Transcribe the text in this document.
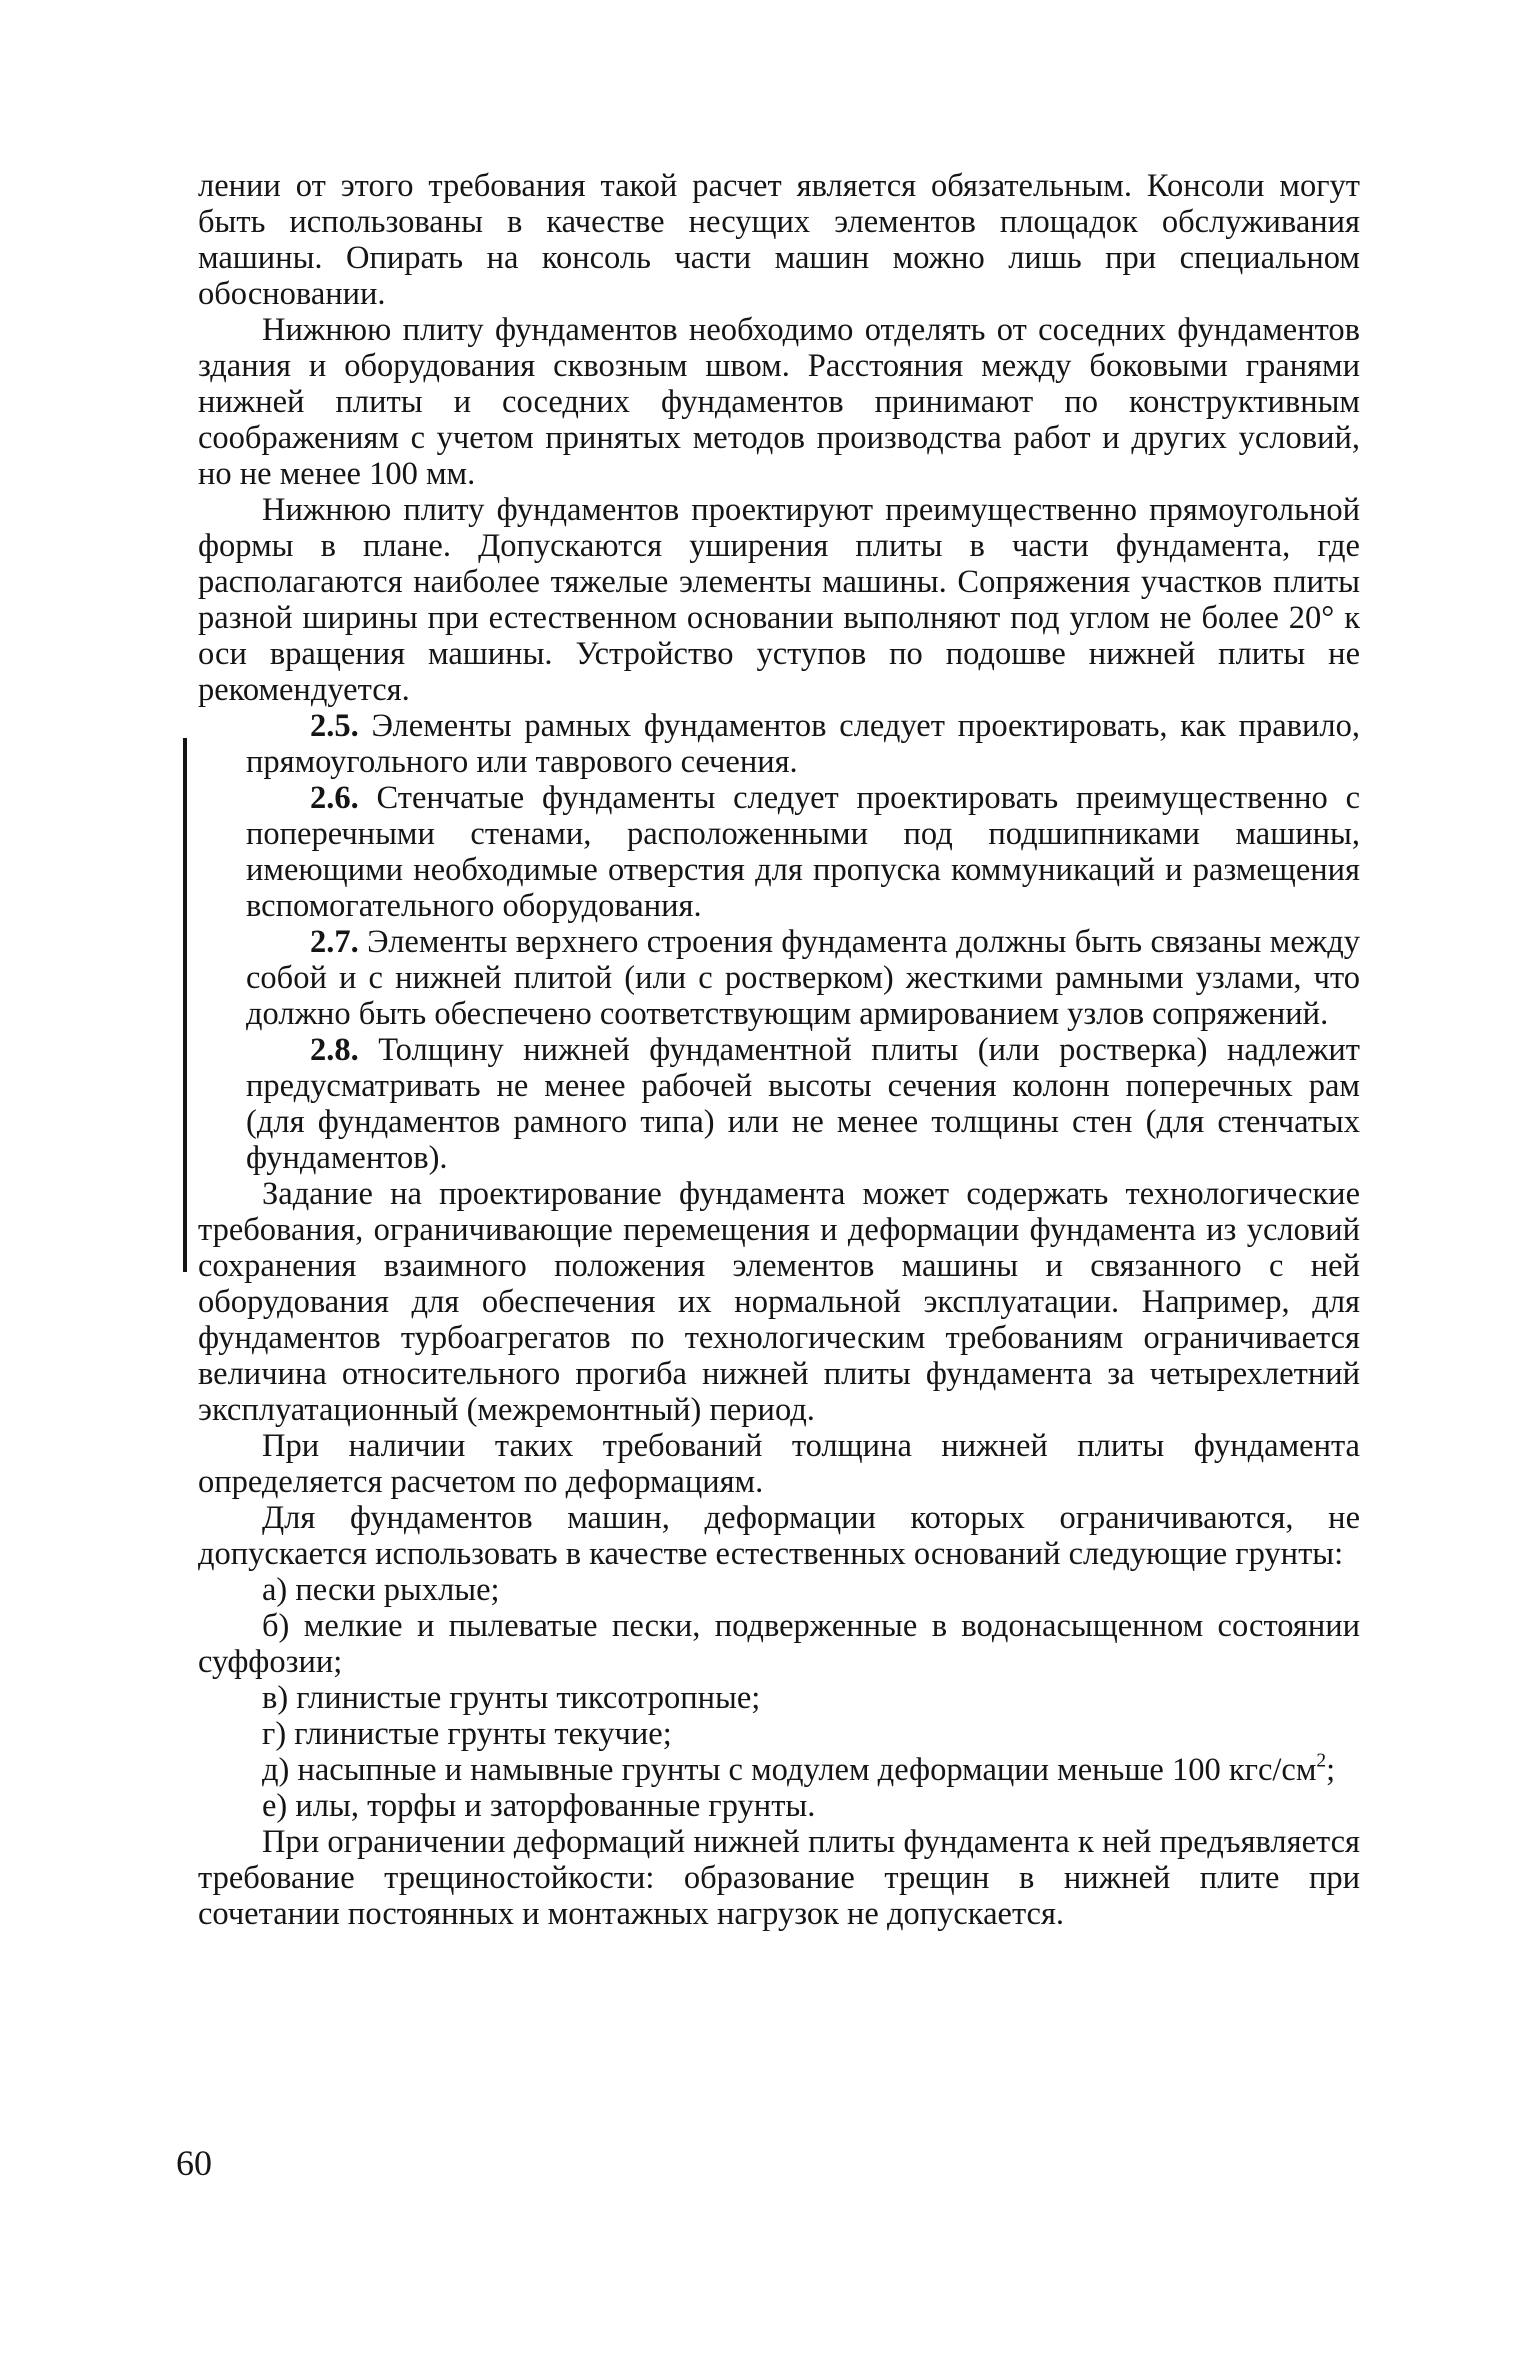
лении от этого требования такой расчет является обязательным. Консоли могут быть использованы в качестве несущих элементов площадок обслуживания машины. Опирать на консоль части машин можно лишь при специальном обосновании.

Нижнюю плиту фундаментов необходимо отделять от соседних фундаментов здания и оборудования сквозным швом. Расстояния между боковыми гранями нижней плиты и соседних фундаментов принимают по конструктивным соображениям с учетом принятых методов производства работ и других условий, но не менее 100 мм.

Нижнюю плиту фундаментов проектируют преимущественно прямоугольной формы в плане. Допускаются уширения плиты в части фундамента, где располагаются наиболее тяжелые элементы машины. Сопряжения участков плиты разной ширины при естественном основании выполняют под углом не более 20° к оси вращения машины. Устройство уступов по подошве нижней плиты не рекомендуется.

2.5. Элементы рамных фундаментов следует проектировать, как правило, прямоугольного или таврового сечения.

2.6. Стенчатые фундаменты следует проектировать преимущественно с поперечными стенами, расположенными под подшипниками машины, имеющими необходимые отверстия для пропуска коммуникаций и размещения вспомогательного оборудования.

2.7. Элементы верхнего строения фундамента должны быть связаны между собой и с нижней плитой (или с ростверком) жесткими рамными узлами, что должно быть обеспечено соответствующим армированием узлов сопряжений.

2.8. Толщину нижней фундаментной плиты (или ростверка) надлежит предусматривать не менее рабочей высоты сечения колонн поперечных рам (для фундаментов рамного типа) или не менее толщины стен (для стенчатых фундаментов).

Задание на проектирование фундамента может содержать технологические требования, ограничивающие перемещения и деформации фундамента из условий сохранения взаимного положения элементов машины и связанного с ней оборудования для обеспечения их нормальной эксплуатации. Например, для фундаментов турбоагрегатов по технологическим требованиям ограничивается величина относительного прогиба нижней плиты фундамента за четырехлетний эксплуатационный (межремонтный) период.

При наличии таких требований толщина нижней плиты фундамента определяется расчетом по деформациям.

Для фундаментов машин, деформации которых ограничиваются, не допускается использовать в качестве естественных оснований следующие грунты:

а) пески рыхлые;

б) мелкие и пылеватые пески, подверженные в водонасыщенном состоянии суффозии;

в) глинистые грунты тиксотропные;

г) глинистые грунты текучие;

д) насыпные и намывные грунты с модулем деформации меньше 100 кгс/$см^2$;

е) илы, торфы и заторфованные грунты.

При ограничении деформаций нижней плиты фундамента к ней предъявляется требование трещиностойкости: образование трещин в нижней плите при сочетании постоянных и монтажных нагрузок не допускается.

60
